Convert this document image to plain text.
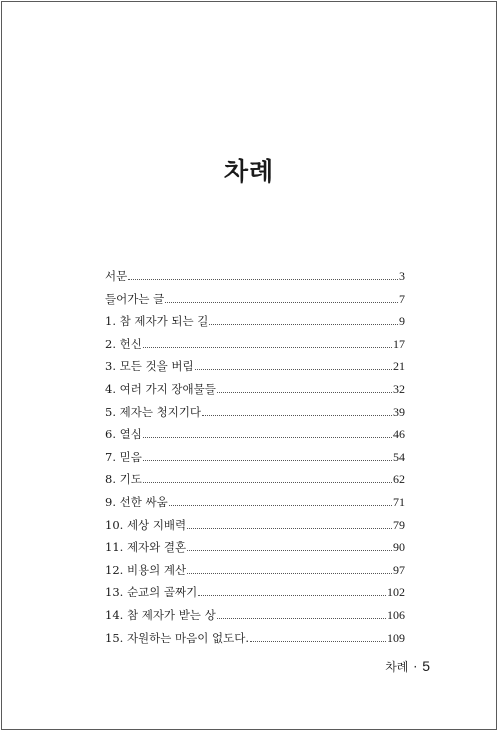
차례
서문	3
들어가는 글	7
1. 참 제자가 되는 길	9
2. 헌신	17
3. 모든 것을 버림	21
4. 여러 가지 장애물들	32
5. 제자는 청지기다	39
6. 열심	46
7. 믿음	54
8. 기도	62
9. 선한 싸움	71
10. 세상 지배력	79
11. 제자와 결혼	90
12. 비용의 계산	97
13. 순교의 골짜기	102
14. 참 제자가 받는 상	106
15. 자원하는 마음이 없도다.	109
차례 · 5
